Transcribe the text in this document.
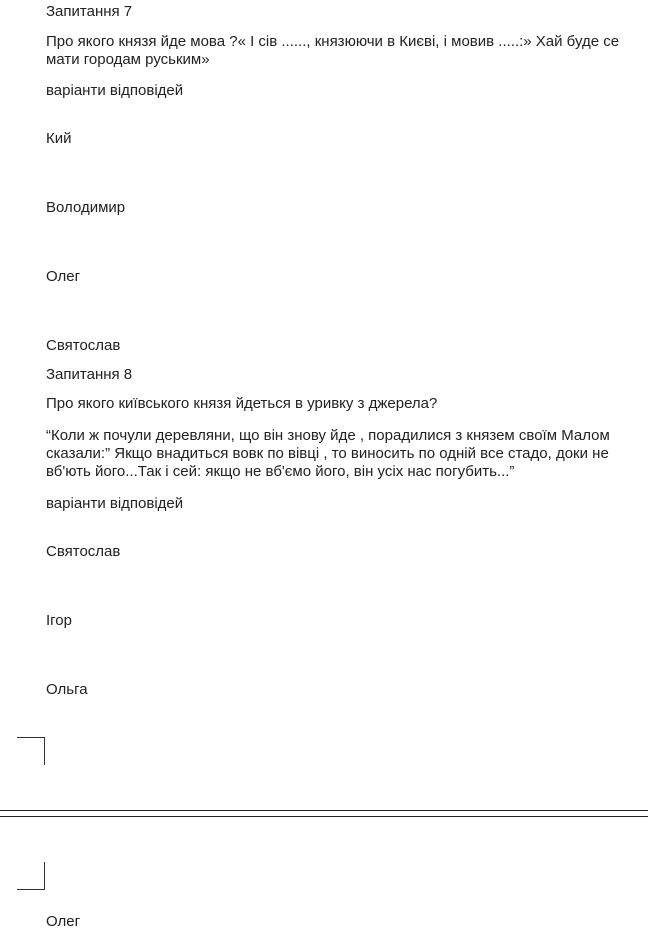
Запитання 7
Про якого князя йде мова ?« І сів ......, князюючи в Києві, і мовив .....:» Хай буде се
мати городам руським»
варіанти відповідей
Кий
Володимир
Олег
Святослав
Запитання 8
Про якого київського князя йдеться в уривку з джерела?
“Коли ж почули деревляни, що він знову йде , порадилися з князем своїм Малом
сказали:” Якщо внадиться вовк по вівці , то виносить по одній все стадо, доки не
вб'ють його...Так і сей: якщо не вб'ємо його, він усіх нас погубить...”
варіанти відповідей
Святослав
Ігор
Ольга
Олег
